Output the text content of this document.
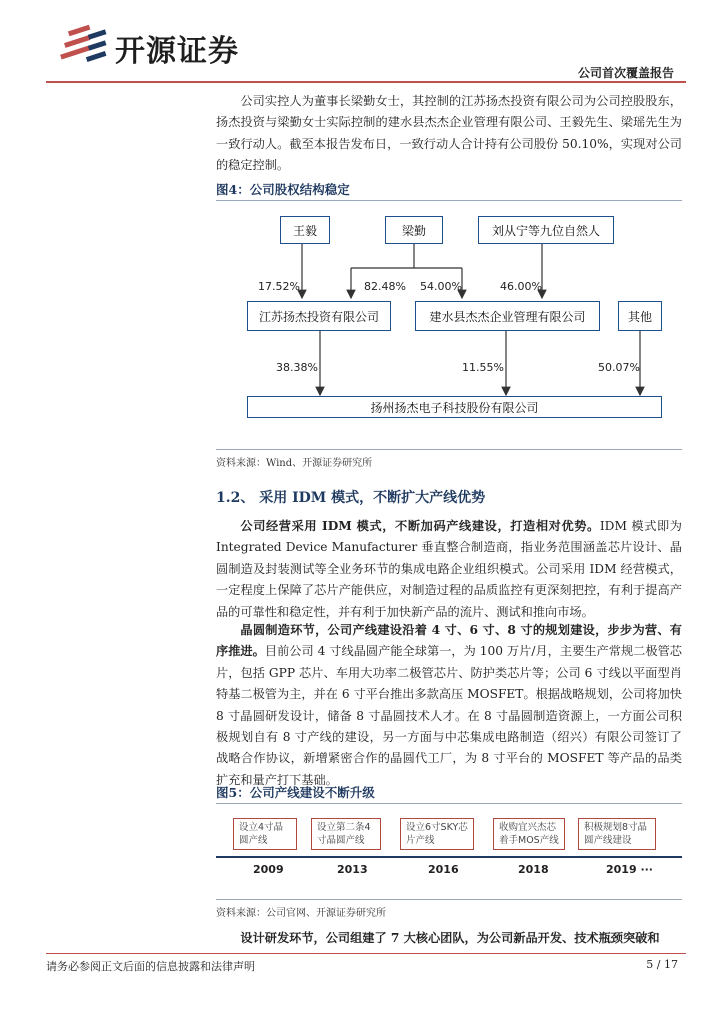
开源证券
公司首次覆盖报告

公司实控人为董事长梁勤女士，其控制的江苏扬杰投资有限公司为公司控股股东，扬杰投资与梁勤女士实际控制的建水县杰杰企业管理有限公司、王毅先生、梁瑶先生为一致行动人。截至本报告发布日，一致行动人合计持有公司股份 50.10%，实现对公司的稳定控制。

图4：公司股权结构稳定
王毅	梁勤	刘从宁等九位自然人
17.52%	82.48% 54.00%	46.00%
江苏扬杰投资有限公司	建水县杰杰企业管理有限公司	其他
38.38%	11.55%	50.07%
扬州扬杰电子科技股份有限公司
资料来源：Wind、开源证券研究所
1.2、 采用 IDM 模式，不断扩大产线优势

公司经营采用 IDM 模式，不断加码产线建设，打造相对优势。IDM 模式即为 Integrated Device Manufacturer 垂直整合制造商，指业务范围涵盖芯片设计、晶圆制造及封装测试等全业务环节的集成电路企业组织模式。公司采用 IDM 经营模式，一定程度上保障了芯片产能供应，对制造过程的品质监控有更深刻把控，有利于提高产品的可靠性和稳定性，并有利于加快新产品的流片、测试和推向市场。

晶圆制造环节，公司产线建设沿着 4 寸、6 寸、8 寸的规划建设，步步为营、有序推进。目前公司 4 寸线晶圆产能全球第一，为 100 万片/月，主要生产常规二极管芯片，包括 GPP 芯片、车用大功率二极管芯片、防护类芯片等；公司 6 寸线以平面型肖特基二极管为主，并在 6 寸平台推出多款高压 MOSFET。根据战略规划，公司将加快 8 寸晶圆研发设计，储备 8 寸晶圆技术人才。在 8 寸晶圆制造资源上，一方面公司积极规划自有 8 寸产线的建设，另一方面与中芯集成电路制造（绍兴）有限公司签订了战略合作协议，新增紧密合作的晶圆代工厂，为 8 寸平台的 MOSFET 等产品的品类扩充和量产打下基础。

图5：公司产线建设不断升级
设立4寸晶圆产线
设立第二条4寸晶圆产线
设立6寸SKY芯片产线
收购宜兴杰芯着手MOS产线
积极规划8寸晶圆产线建设
2009	2013	2016	2018	2019 ···
资料来源：公司官网、开源证券研究所

设计研发环节，公司组建了 7 大核心团队，为公司新品开发、技术瓶颈突破和

请务必参阅正文后面的信息披露和法律声明	5 / 17
